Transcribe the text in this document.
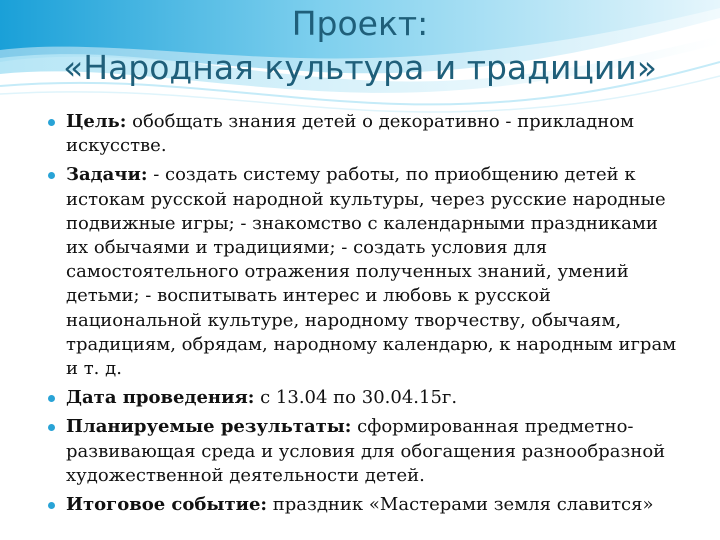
Проект:
«Народная культура и традиции»
Цель: обобщать знания детей о декоративно - прикладном искусстве.
Задачи: - создать систему работы, по приобщению детей к истокам русской народной культуры, через русские народные подвижные игры; - знакомство с календарными праздниками их обычаями и традициями; - создать условия для самостоятельного отражения полученных знаний, умений детьми; - воспитывать интерес и любовь к русской национальной культуре, народному творчеству, обычаям, традициям, обрядам, народному календарю, к народным играм и т. д.
Дата проведения: с 13.04 по 30.04.15г.
Планируемые результаты: сформированная предметно-развивающая среда и условия для обогащения разнообразной художественной деятельности детей.
Итоговое событие: праздник «Мастерами земля славится»
